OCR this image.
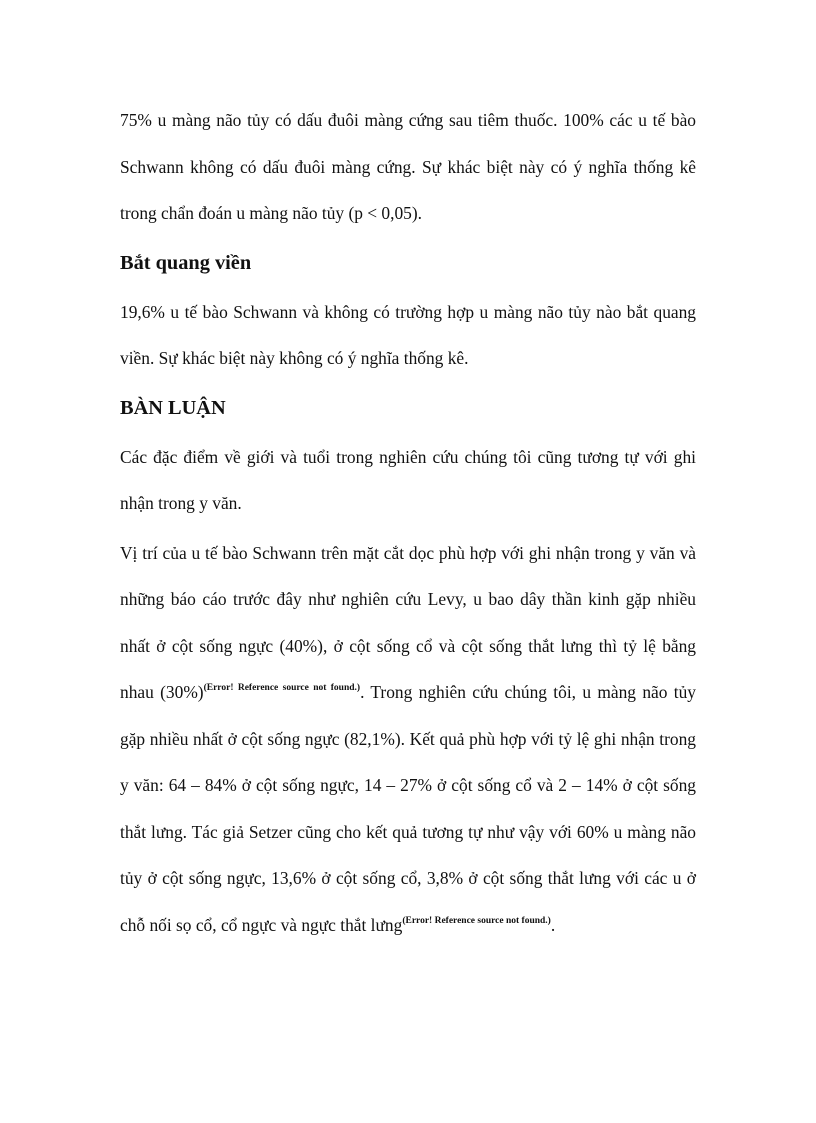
75% u màng não tủy có dấu đuôi màng cứng sau tiêm thuốc. 100% các u tế bào Schwann không có dấu đuôi màng cứng. Sự khác biệt này có ý nghĩa thống kê trong chẩn đoán u màng não tủy (p < 0,05).

Bắt quang viền

19,6% u tế bào Schwann và không có trường hợp u màng não tủy nào bắt quang viền. Sự khác biệt này không có ý nghĩa thống kê.

BÀN LUẬN

Các đặc điểm về giới và tuổi trong nghiên cứu chúng tôi cũng tương tự với ghi nhận trong y văn.

Vị trí của u tế bào Schwann trên mặt cắt dọc phù hợp với ghi nhận trong y văn và những báo cáo trước đây như nghiên cứu Levy, u bao dây thần kinh gặp nhiều nhất ở cột sống ngực (40%), ở cột sống cổ và cột sống thắt lưng thì tỷ lệ bằng nhau $(30\%)^{(Error! Reference source not found.)}$. Trong nghiên cứu chúng tôi, u màng não tủy gặp nhiều nhất ở cột sống ngực (82,1%). Kết quả phù hợp với tỷ lệ ghi nhận trong y văn: 64 – 84% ở cột sống ngực, 14 – 27% ở cột sống cổ và 2 – 14% ở cột sống thắt lưng. Tác giả Setzer cũng cho kết quả tương tự như vậy với 60% u màng não tủy ở cột sống ngực, 13,6% ở cột sống cổ, 3,8% ở cột sống thắt lưng với các u ở chỗ nối sọ cổ, cổ ngực và ngực thắt lưng$^{(Error! Reference source not found.)}$.
